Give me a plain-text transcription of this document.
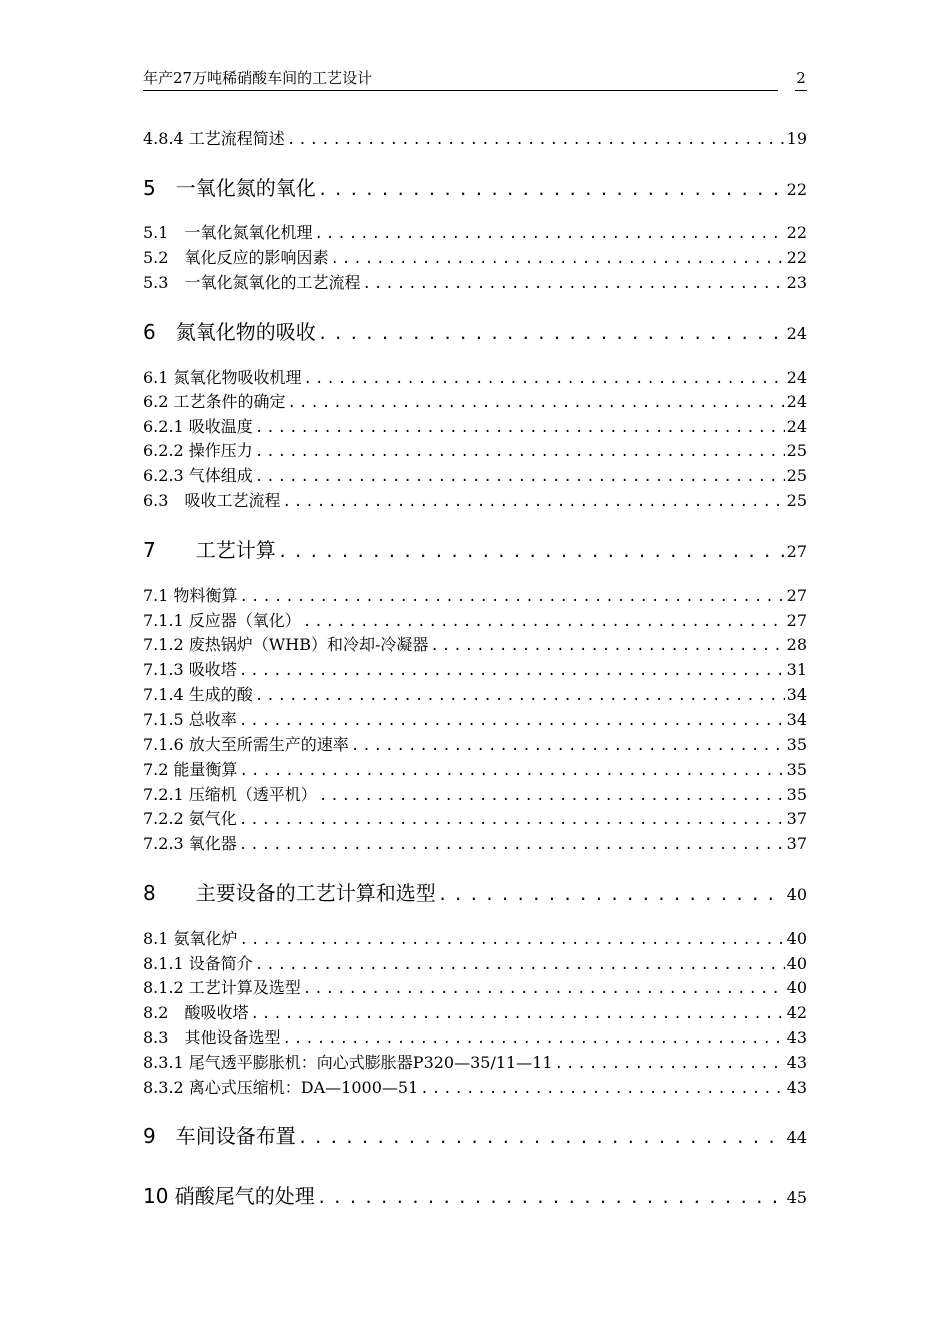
年产27万吨稀硝酸车间的工艺设计	2
4.8.4 工艺流程简述 .....	19
5　一氧化氮的氧化 .....	22
5.1　一氧化氮氧化机理 .....	22
5.2　氧化反应的影响因素 .....	22
5.3　一氧化氮氧化的工艺流程 .....	23
6　氮氧化物的吸收 .....	24
6.1 氮氧化物吸收机理 .....	24
6.2 工艺条件的确定 .....	24
6.2.1 吸收温度 .....	24
6.2.2 操作压力 .....	25
6.2.3 气体组成 .....	25
6.3　吸收工艺流程 .....	25
7　　工艺计算 .....	27
7.1 物料衡算 .....	27
7.1.1 反应器（氧化） .....	27
7.1.2 废热锅炉（WHB）和冷却-冷凝器 .....	28
7.1.3 吸收塔 .....	31
7.1.4 生成的酸 .....	34
7.1.5 总收率 .....	34
7.1.6 放大至所需生产的速率 .....	35
7.2 能量衡算 .....	35
7.2.1 压缩机（透平机） .....	35
7.2.2 氨气化 .....	37
7.2.3 氧化器 .....	37
8　　主要设备的工艺计算和选型 .....	40
8.1 氨氧化炉 .....	40
8.1.1 设备简介 .....	40
8.1.2 工艺计算及选型 .....	40
8.2　酸吸收塔 .....	42
8.3　其他设备选型 .....	43
8.3.1 尾气透平膨胀机：向心式膨胀器P320—35/11—11 .....	43
8.3.2 离心式压缩机：DA—1000—51 .....	43
9　车间设备布置 .....	44
10 硝酸尾气的处理 .....	45
